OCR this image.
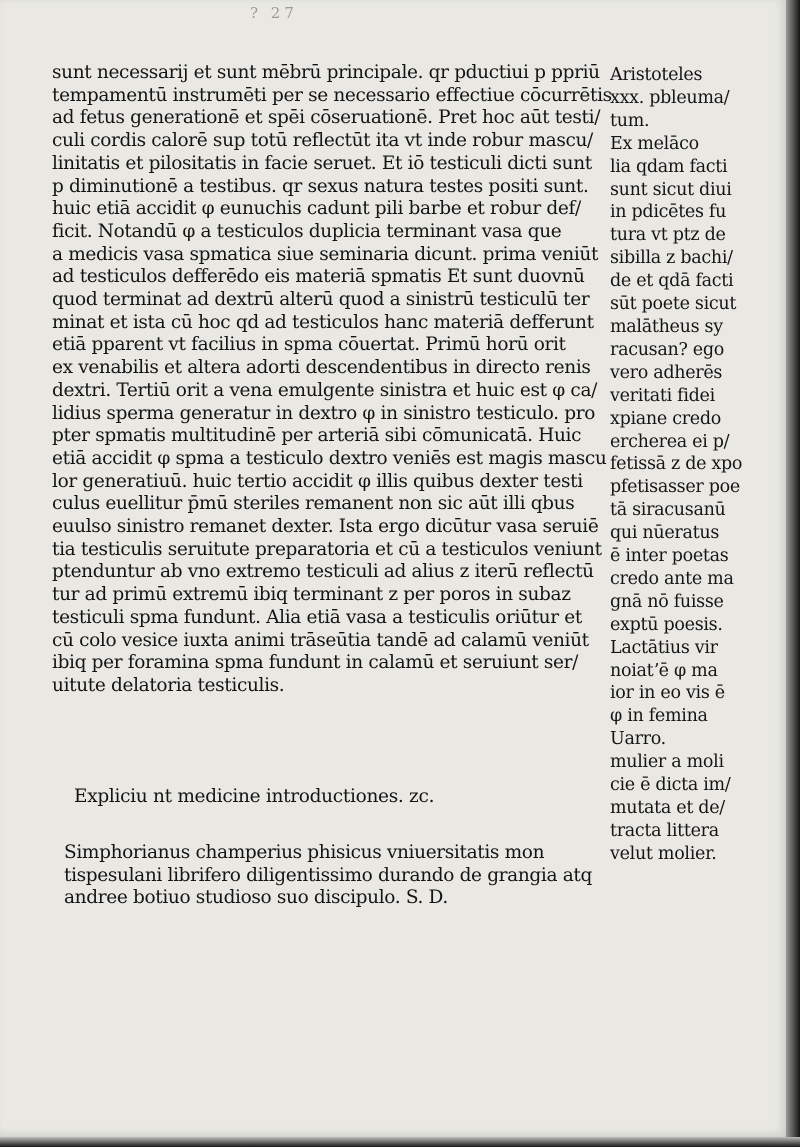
? 27
sunt necessarij et sunt mēbrū principale. qr pductiui p ppriū
tempamentū instrumēti per se necessario effectiue cōcurrētis
ad fetus generationē et spēi cōseruationē. Pret hoc aūt testi/
culi cordis calorē sup totū reflectūt ita vt inde robur mascu/
linitatis et pilositatis in facie seruet. Et iō testiculi dicti sunt
p diminutionē a testibus. qr sexus natura testes positi sunt.
huic etiā accidit φ eunuchis cadunt pili barbe et robur def/
ficit. Notandū φ a testiculos duplicia terminant vasa que
a medicis vasa spmatica siue seminaria dicunt. prima veniūt
ad testiculos defferēdo eis materiā spmatis Et sunt duovnū
quod terminat ad dextrū alterū quod a sinistrū testiculū ter
minat et ista cū hoc qd ad testiculos hanc materiā defferunt
etiā pparent vt facilius in spma cōuertat. Primū horū orit
ex venabilis et altera adorti descendentibus in directo renis
dextri. Tertiū orit a vena emulgente sinistra et huic est φ ca/
lidius sperma generatur in dextro φ in sinistro testiculo. pro
pter spmatis multitudinē per arteriā sibi cōmunicatā. Huic
etiā accidit φ spma a testiculo dextro veniēs est magis mascu
lor generatiuū. huic tertio accidit φ illis quibus dexter testi
culus euellitur p̄mū steriles remanent non sic aūt illi qbus
euulso sinistro remanet dexter. Ista ergo dicūtur vasa seruiē
tia testiculis seruitute preparatoria et cū a testiculos veniunt
ptenduntur ab vno extremo testiculi ad alius z iterū reflectū
tur ad primū extremū ibiq terminant z per poros in subaz
testiculi spma fundunt. Alia etiā vasa a testiculis oriūtur et
cū colo vesice iuxta animi trāseūtia tandē ad calamū veniūt
ibiq per foramina spma fundunt in calamū et seruiunt ser/
uitute delatoria testiculis.
Expliciu nt medicine introductiones. zc.
Simphorianus champerius phisicus vniuersitatis mon
tispesulani librifero diligentissimo durando de grangia atq
andree botiuo studioso suo discipulo. S. D.
Aristoteles
xxx. pbleuma/
tum.
Ex melāco
lia qdam facti
sunt sicut diui
in pdicētes fu
tura vt ptz de
sibilla z bachi/
de et qdā facti
sūt poete sicut
malātheus sy
racusan? ego
vero adherēs
veritati fidei
xpiane credo
ercherea ei p/
fetissā z de xpo
pfetisasser poe
tā siracusanū
qui nūeratus
ē inter poetas
credo ante ma
gnā nō fuisse
exptū poesis.
Lactātius vir
noiatʼē φ ma
ior in eo vis ē
φ in femina
Uarro.
mulier a moli
cie ē dicta im/
mutata et de/
tracta littera
velut molier.
